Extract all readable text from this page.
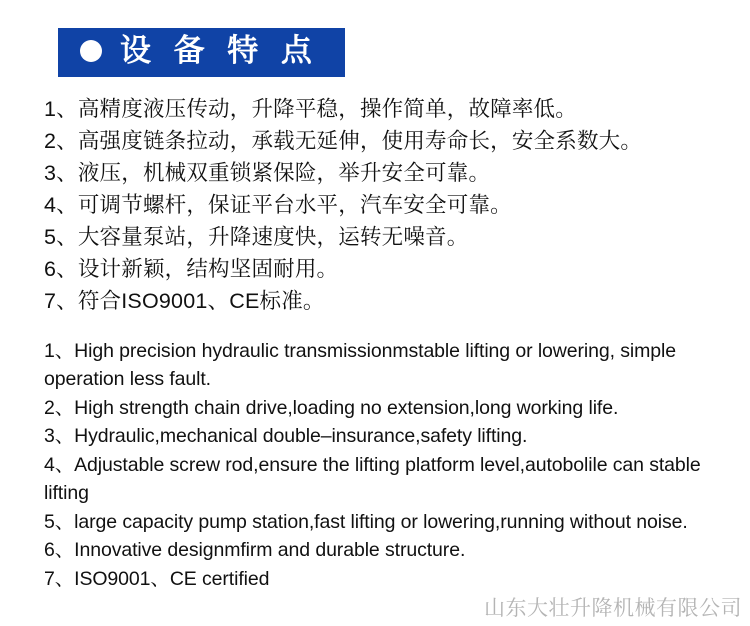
设 备 特 点
1、高精度液压传动，升降平稳，操作简单，故障率低。
2、高强度链条拉动，承载无延伸，使用寿命长，安全系数大。
3、液压，机械双重锁紧保险，举升安全可靠。
4、可调节螺杆，保证平台水平，汽车安全可靠。
5、大容量泵站，升降速度快，运转无噪音。
6、设计新颖，结构坚固耐用。
7、符合ISO9001、CE标准。
1、High precision hydraulic transmissionmstable lifting or lowering, simple operation less fault.
2、High strength chain drive,loading no extension,long working life.
3、Hydraulic,mechanical double–insurance,safety lifting.
4、Adjustable screw rod,ensure the lifting platform level,autobolile can stable lifting
5、large capacity pump station,fast lifting or lowering,running without noise.
6、Innovative designmfirm and durable structure.
7、ISO9001、CE certified
山东大壮升降机械有限公司
